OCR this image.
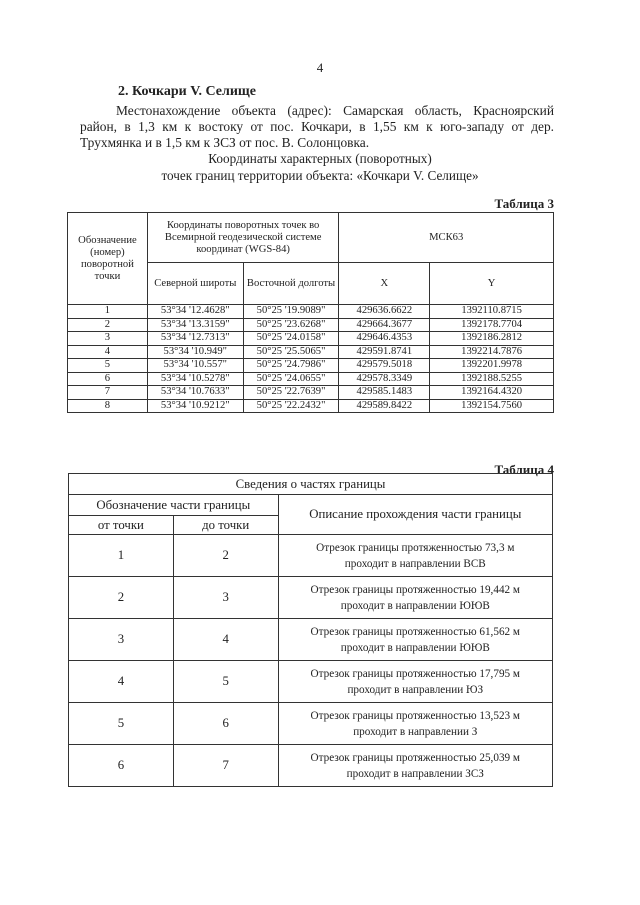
4
2. Кочкари V. Селище
Местонахождение объекта (адрес): Самарская область, Красноярский район, в 1,3 км к востоку от пос. Кочкари, в 1,55 км к юго-западу от дер. Трухмянка и в 1,5 км к ЗСЗ от пос. В. Солонцовка.
Координаты характерных (поворотных)
точек границ территории объекта: «Кочкари V. Селище»
Таблица 3
Обозначение (номер) поворотной точки	Координаты поворотных точек во Всемирной геодезической системе координат (WGS-84)		МСК63	
	Северной широты	Восточной долготы	X	Y
1	53°34 '12.4628"	50°25 '19.9089"	429636.6622	1392110.8715
2	53°34 '13.3159"	50°25 '23.6268"	429664.3677	1392178.7704
3	53°34 '12.7313"	50°25 '24.0158"	429646.4353	1392186.2812
4	53°34 '10.949"	50°25 '25.5065"	429591.8741	1392214.7876
5	53°34 '10.557"	50°25 '24.7986"	429579.5018	1392201.9978
6	53°34 '10.5278"	50°25 '24.0655"	429578.3349	1392188.5255
7	53°34 '10.7633"	50°25 '22.7639"	429585.1483	1392164.4320
8	53°34 '10.9212"	50°25 '22.2432"	429589.8422	1392154.7560
Таблица 4
Сведения о частях границы		
Обозначение части границы		Описание прохождения части границы
от точки	до точки	
1	2	Отрезок границы протяженностью 73,3 м
проходит в направлении ВСВ

2	3	Отрезок границы протяженностью 19,442 м
проходит в направлении ЮЮВ

3	4	Отрезок границы протяженностью 61,562 м
проходит в направлении ЮЮВ

4	5	Отрезок границы протяженностью 17,795 м
проходит в направлении ЮЗ

5	6	Отрезок границы протяженностью 13,523 м
проходит в направлении З

6	7	Отрезок границы протяженностью 25,039 м
проходит в направлении ЗСЗ
